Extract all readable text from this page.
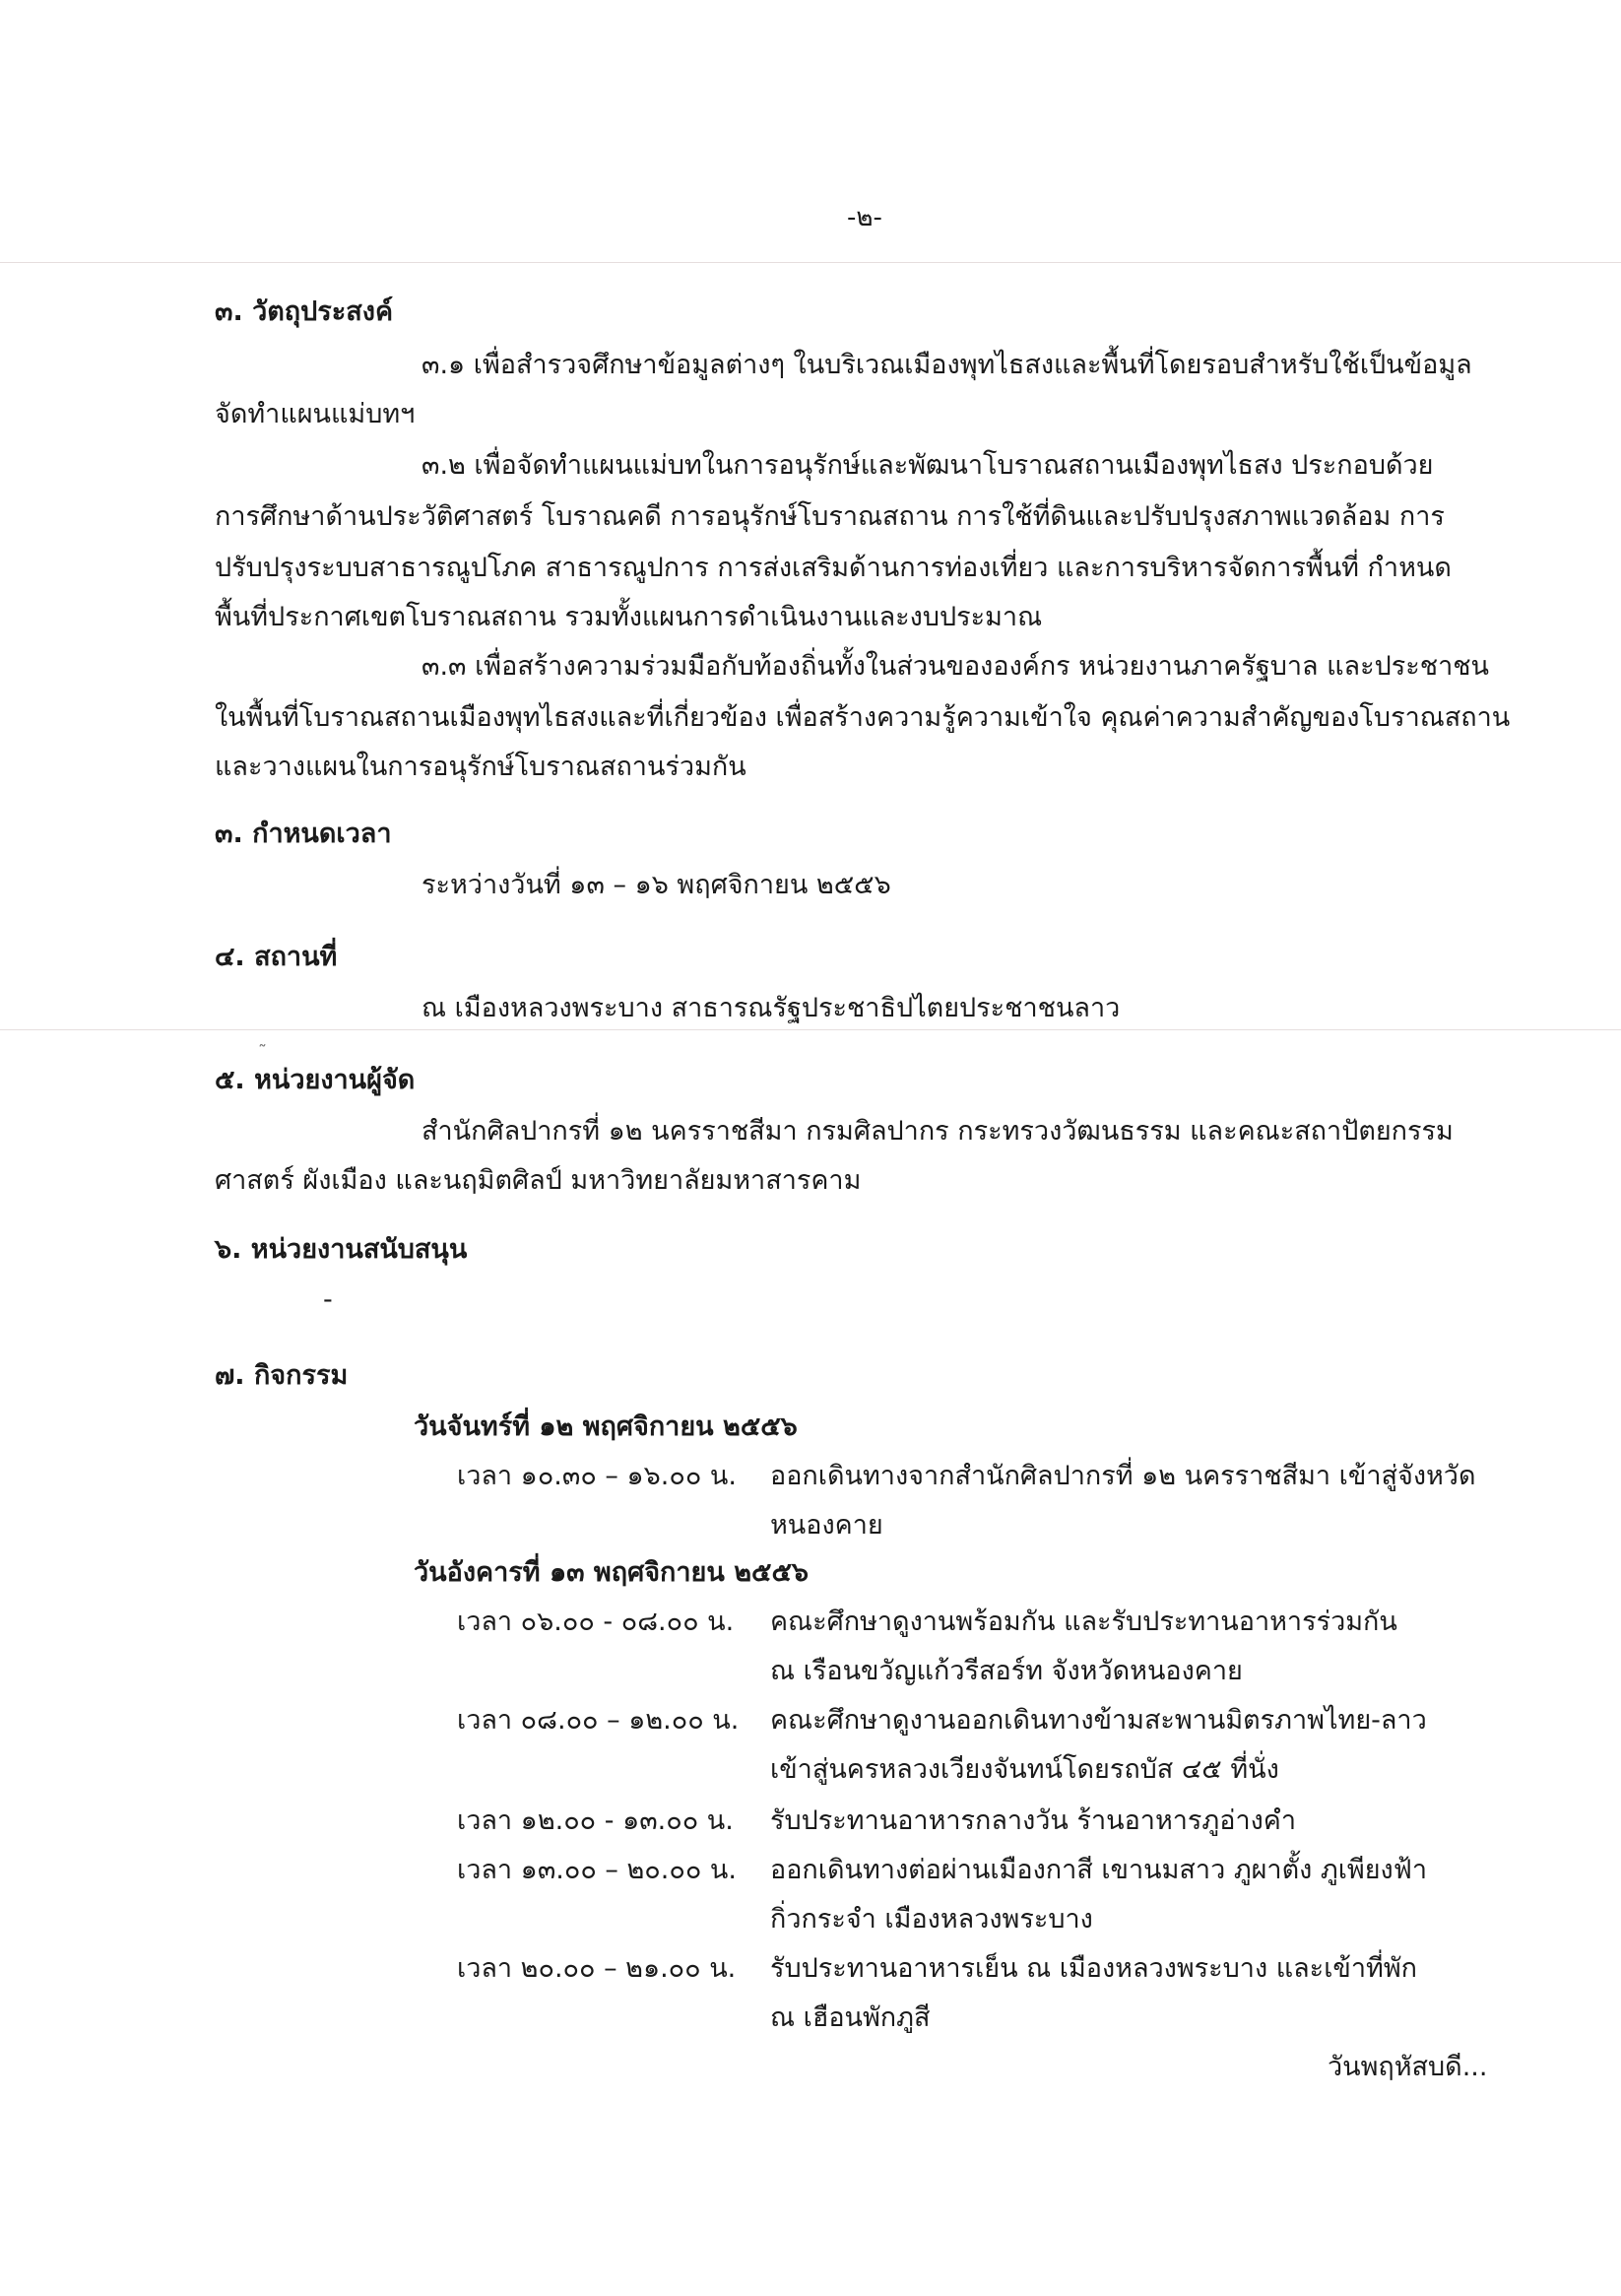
-๒-
๓. วัตถุประสงค์
๓.๑ เพื่อสำรวจศึกษาข้อมูลต่างๆ ในบริเวณเมืองพุทไธสงและพื้นที่โดยรอบสำหรับใช้เป็นข้อมูล
จัดทำแผนแม่บทฯ
๓.๒ เพื่อจัดทำแผนแม่บทในการอนุรักษ์และพัฒนาโบราณสถานเมืองพุทไธสง ประกอบด้วย
การศึกษาด้านประวัติศาสตร์ โบราณคดี การอนุรักษ์โบราณสถาน การใช้ที่ดินและปรับปรุงสภาพแวดล้อม การ
ปรับปรุงระบบสาธารณูปโภค สาธารณูปการ การส่งเสริมด้านการท่องเที่ยว และการบริหารจัดการพื้นที่ กำหนด
พื้นที่ประกาศเขตโบราณสถาน รวมทั้งแผนการดำเนินงานและงบประมาณ
๓.๓ เพื่อสร้างความร่วมมือกับท้องถิ่นทั้งในส่วนขององค์กร หน่วยงานภาครัฐบาล และประชาชน
ในพื้นที่โบราณสถานเมืองพุทไธสงและที่เกี่ยวข้อง เพื่อสร้างความรู้ความเข้าใจ คุณค่าความสำคัญของโบราณสถาน
และวางแผนในการอนุรักษ์โบราณสถานร่วมกัน
๓. กำหนดเวลา
ระหว่างวันที่ ๑๓ – ๑๖ พฤศจิกายน ๒๕๕๖
๔. สถานที่
ณ เมืองหลวงพระบาง สาธารณรัฐประชาธิปไตยประชาชนลาว
˜
๕. หน่วยงานผู้จัด
สำนักศิลปากรที่ ๑๒ นครราชสีมา กรมศิลปากร กระทรวงวัฒนธรรม และคณะสถาปัตยกรรม
ศาสตร์ ผังเมือง และนฤมิตศิลป์ มหาวิทยาลัยมหาสารคาม
๖. หน่วยงานสนับสนุน
-
๗. กิจกรรม
วันจันทร์ที่ ๑๒ พฤศจิกายน ๒๕๕๖
เวลา ๑๐.๓๐ – ๑๖.๐๐ น. ออกเดินทางจากสำนักศิลปากรที่ ๑๒ นครราชสีมา เข้าสู่จังหวัด
หนองคาย
วันอังคารที่ ๑๓ พฤศจิกายน ๒๕๕๖
เวลา ๐๖.๐๐ - ๐๘.๐๐ น. คณะศึกษาดูงานพร้อมกัน และรับประทานอาหารร่วมกัน
ณ เรือนขวัญแก้วรีสอร์ท จังหวัดหนองคาย
เวลา ๐๘.๐๐ – ๑๒.๐๐ น. คณะศึกษาดูงานออกเดินทางข้ามสะพานมิตรภาพไทย-ลาว
เข้าสู่นครหลวงเวียงจันทน์โดยรถบัส ๔๕ ที่นั่ง
เวลา ๑๒.๐๐ - ๑๓.๐๐ น. รับประทานอาหารกลางวัน ร้านอาหารภูอ่างคำ
เวลา ๑๓.๐๐ – ๒๐.๐๐ น. ออกเดินทางต่อผ่านเมืองกาสี เขานมสาว ภูผาตั้ง ภูเพียงฟ้า
กิ่วกระจำ เมืองหลวงพระบาง
เวลา ๒๐.๐๐ – ๒๑.๐๐ น. รับประทานอาหารเย็น ณ เมืองหลวงพระบาง และเข้าที่พัก
ณ เฮือนพักภูสี
วันพฤหัสบดี...
